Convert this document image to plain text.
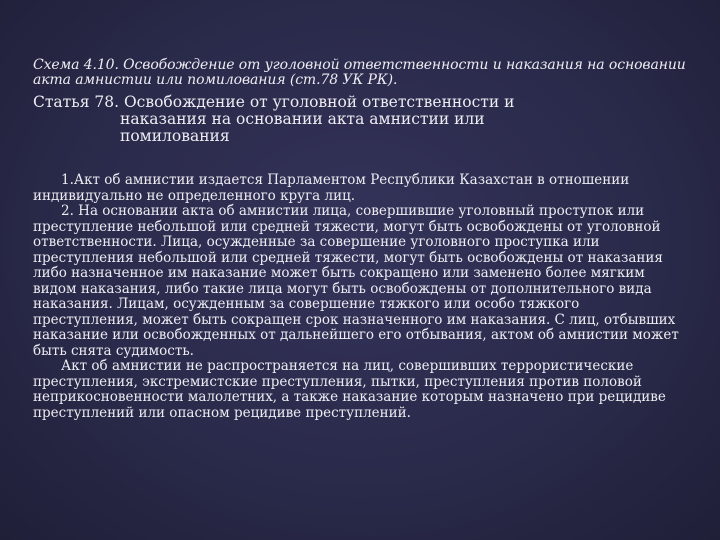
Схема 4.10. Освобождение от уголовной ответственности и наказания на основании акта амнистии или помилования (ст.78 УК РК).

Статья 78. Освобождение от уголовной ответственности и
наказания на основании акта амнистии или
помилования

1.Акт об амнистии издается Парламентом Республики Казахстан в отношении индивидуально не определенного круга лиц.

2. На основании акта об амнистии лица, совершившие уголовный проступок или преступление небольшой или средней тяжести, могут быть освобождены от уголовной ответственности. Лица, осужденные за совершение уголовного проступка или преступления небольшой или средней тяжести, могут быть освобождены от наказания либо назначенное им наказание может быть сокращено или заменено более мягким видом наказания, либо такие лица могут быть освобождены от дополнительного вида наказания. Лицам, осужденным за совершение тяжкого или особо тяжкого преступления, может быть сокращен срок назначенного им наказания. С лиц, отбывших наказание или освобожденных от дальнейшего его отбывания, актом об амнистии может быть снята судимость.

Акт об амнистии не распространяется на лиц, совершивших террористические преступления, экстремистские преступления, пытки, преступления против половой неприкосновенности малолетних, а также наказание которым назначено при рецидиве преступлений или опасном рецидиве преступлений.
